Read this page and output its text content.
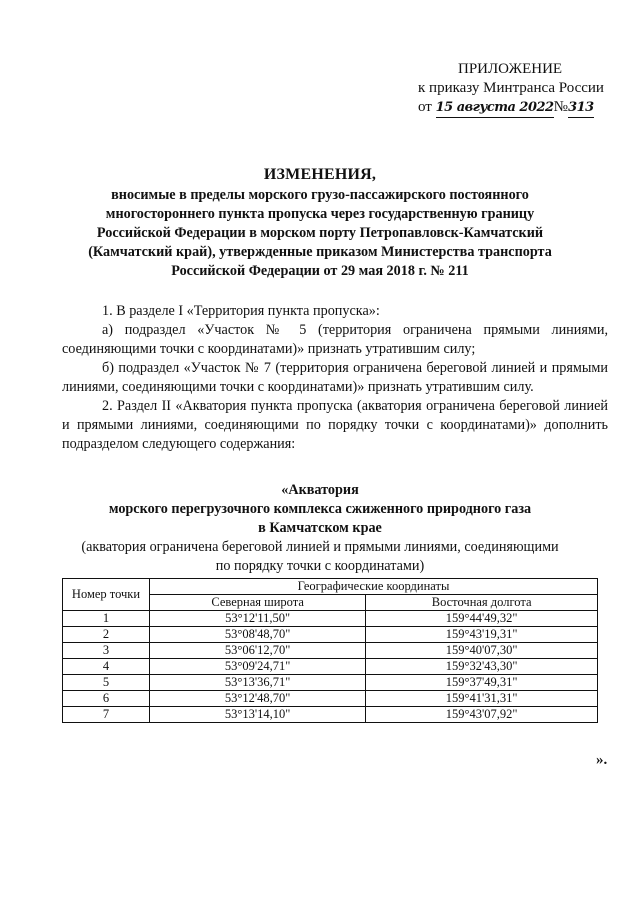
ПРИЛОЖЕНИЕ
к приказу Минтранса России
от 15 августа 2022№313
ИЗМЕНЕНИЯ,
вносимые в пределы морского грузо-пассажирского постоянного
многостороннего пункта пропуска через государственную границу
Российской Федерации в морском порту Петропавловск-Камчатский
(Камчатский край), утвержденные приказом Министерства транспорта
Российской Федерации от 29 мая 2018 г. № 211

1. В разделе I «Территория пункта пропуска»:

а) подраздел «Участок № 5 (территория ограничена прямыми линиями, соединяющими точки с координатами)» признать утратившим силу;

б) подраздел «Участок № 7 (территория ограничена береговой линией и прямыми линиями, соединяющими точки с координатами)» признать утратившим силу.

2. Раздел II «Акватория пункта пропуска (акватория ограничена береговой линией и прямыми линиями, соединяющими по порядку точки с координатами)» дополнить подразделом следующего содержания:

«Акватория
морского перегрузочного комплекса сжиженного природного газа
в Камчатском крае
(акватория ограничена береговой линией и прямыми линиями, соединяющими
по порядку точки с координатами)
Номер точки	Географические координаты	
	Северная широта	Восточная долгота
1	53°12'11,50"	159°44'49,32"
2	53°08'48,70"	159°43'19,31"
3	53°06'12,70"	159°40'07,30"
4	53°09'24,71"	159°32'43,30"
5	53°13'36,71"	159°37'49,31"
6	53°12'48,70"	159°41'31,31"
7	53°13'14,10"	159°43'07,92"
».
